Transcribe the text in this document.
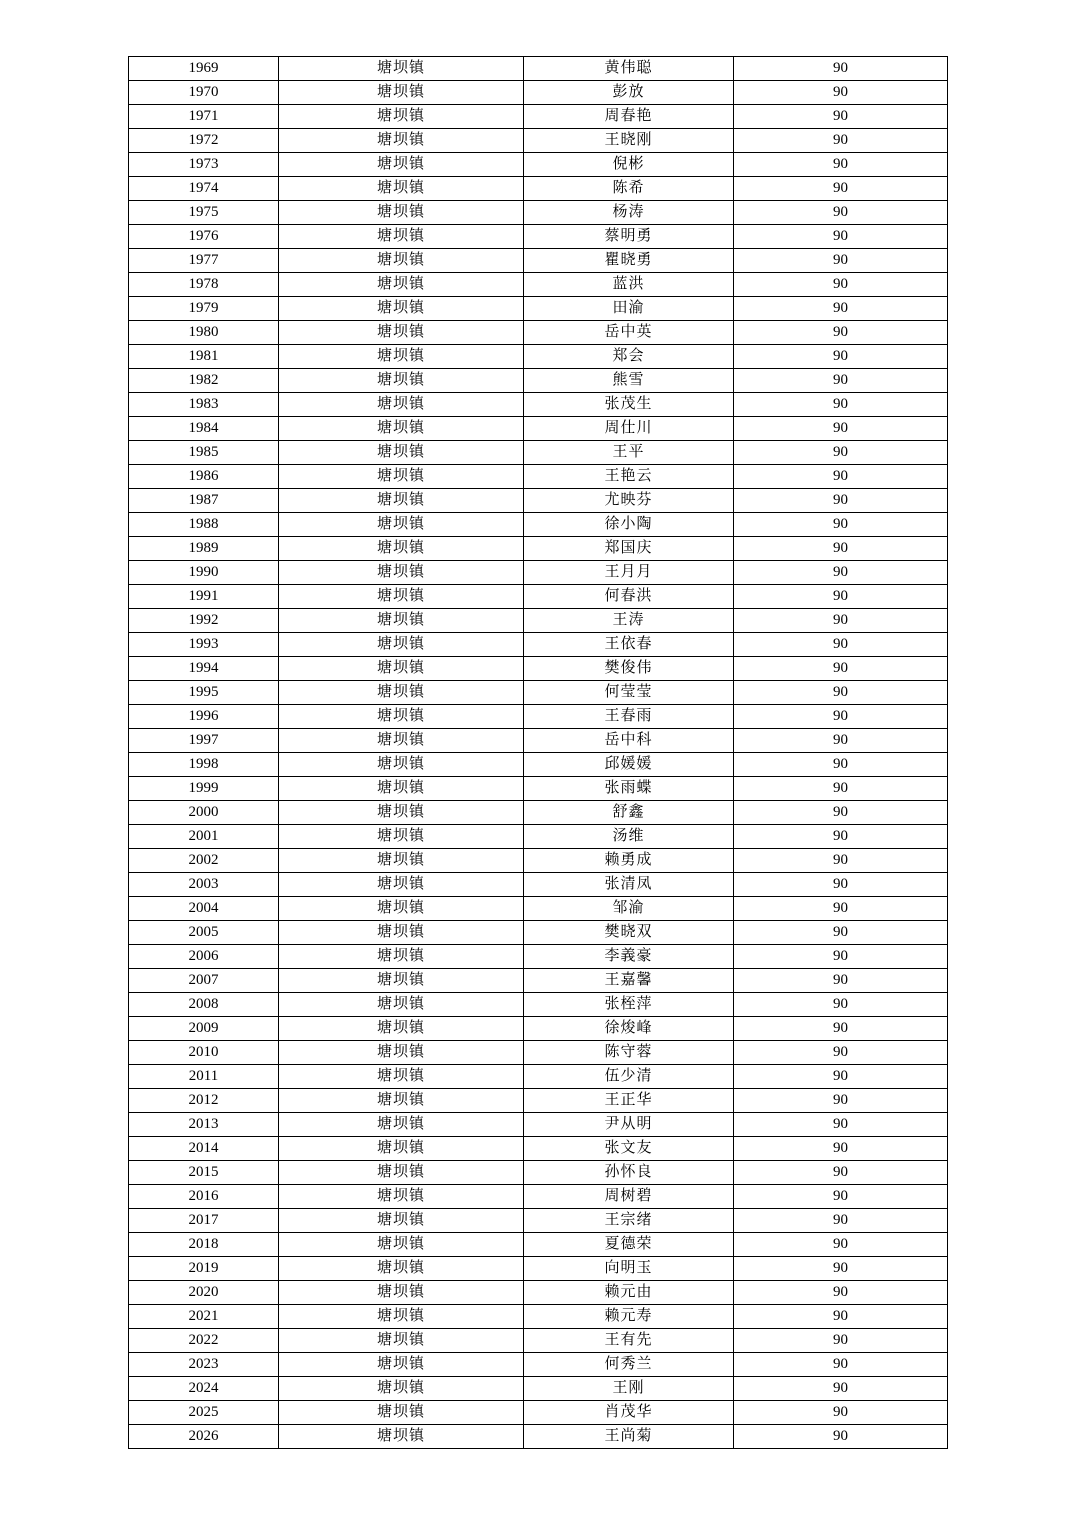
1969	塘坝镇	黄伟聪	90
1970	塘坝镇	彭放	90
1971	塘坝镇	周春艳	90
1972	塘坝镇	王晓刚	90
1973	塘坝镇	倪彬	90
1974	塘坝镇	陈希	90
1975	塘坝镇	杨涛	90
1976	塘坝镇	蔡明勇	90
1977	塘坝镇	瞿晓勇	90
1978	塘坝镇	蓝洪	90
1979	塘坝镇	田渝	90
1980	塘坝镇	岳中英	90
1981	塘坝镇	郑会	90
1982	塘坝镇	熊雪	90
1983	塘坝镇	张茂生	90
1984	塘坝镇	周仕川	90
1985	塘坝镇	王平	90
1986	塘坝镇	王艳云	90
1987	塘坝镇	尤映芬	90
1988	塘坝镇	徐小陶	90
1989	塘坝镇	郑国庆	90
1990	塘坝镇	王月月	90
1991	塘坝镇	何春洪	90
1992	塘坝镇	王涛	90
1993	塘坝镇	王依春	90
1994	塘坝镇	樊俊伟	90
1995	塘坝镇	何莹莹	90
1996	塘坝镇	王春雨	90
1997	塘坝镇	岳中科	90
1998	塘坝镇	邱媛媛	90
1999	塘坝镇	张雨蝶	90
2000	塘坝镇	舒鑫	90
2001	塘坝镇	汤维	90
2002	塘坝镇	赖勇成	90
2003	塘坝镇	张清凤	90
2004	塘坝镇	邹渝	90
2005	塘坝镇	樊晓双	90
2006	塘坝镇	李義豪	90
2007	塘坝镇	王嘉馨	90
2008	塘坝镇	张桎萍	90
2009	塘坝镇	徐焌峰	90
2010	塘坝镇	陈守蓉	90
2011	塘坝镇	伍少清	90
2012	塘坝镇	王正华	90
2013	塘坝镇	尹从明	90
2014	塘坝镇	张文友	90
2015	塘坝镇	孙怀良	90
2016	塘坝镇	周树碧	90
2017	塘坝镇	王宗绪	90
2018	塘坝镇	夏德荣	90
2019	塘坝镇	向明玉	90
2020	塘坝镇	赖元由	90
2021	塘坝镇	赖元寿	90
2022	塘坝镇	王有先	90
2023	塘坝镇	何秀兰	90
2024	塘坝镇	王刚	90
2025	塘坝镇	肖茂华	90
2026	塘坝镇	王尚菊	90
